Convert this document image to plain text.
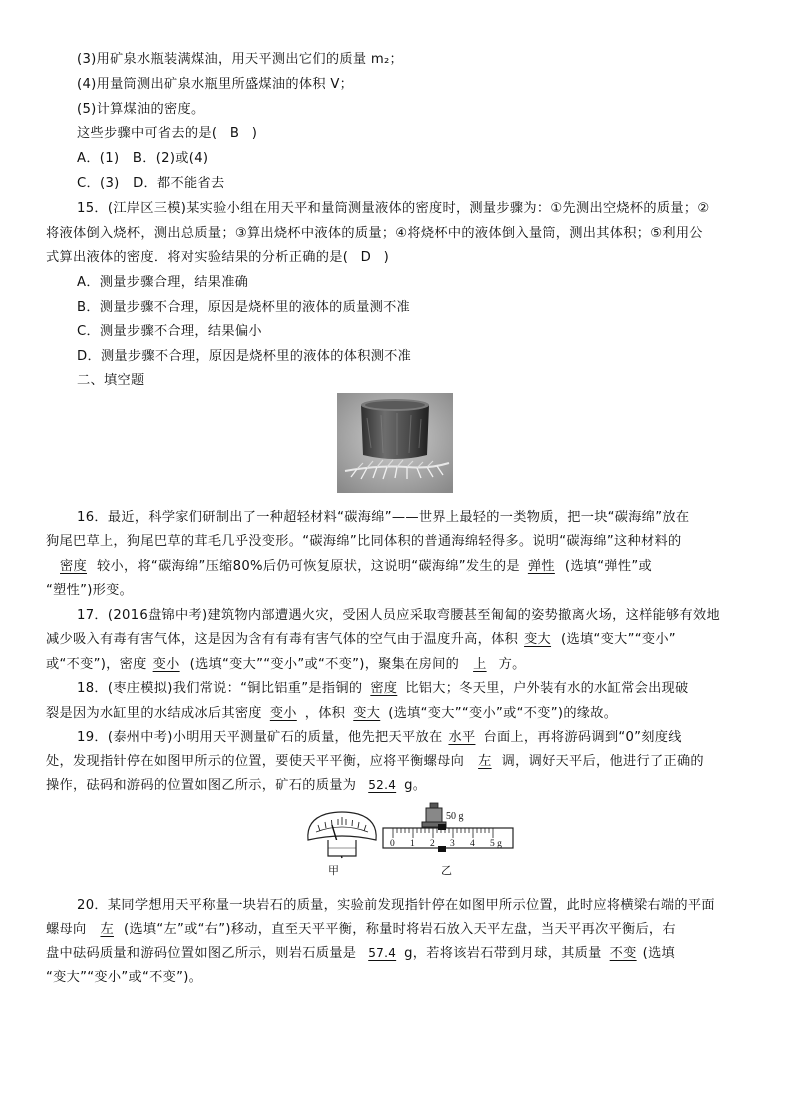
(3)用矿泉水瓶装满煤油，用天平测出它们的质量 m₂；
(4)用量筒测出矿泉水瓶里所盛煤油的体积 V；
(5)计算煤油的密度。
这些步骤中可省去的是( B )
A．(1)　B．(2)或(4)
C．(3)　D．都不能省去
15．(江岸区三模)某实验小组在用天平和量筒测量液体的密度时，测量步骤为：①先测出空烧杯的质量；②
将液体倒入烧杯，测出总质量；③算出烧杯中液体的质量；④将烧杯中的液体倒入量筒，测出其体积；⑤利用公
式算出液体的密度．将对实验结果的分析正确的是( D )
A．测量步骤合理，结果准确
B．测量步骤不合理，原因是烧杯里的液体的质量测不准
C．测量步骤不合理，结果偏小
D．测量步骤不合理，原因是烧杯里的液体的体积测不准
二、填空题
16．最近，科学家们研制出了一种超轻材料“碳海绵”——世界上最轻的一类物质，把一块“碳海绵”放在
狗尾巴草上，狗尾巴草的茸毛几乎没变形。“碳海绵”比同体积的普通海绵轻得多。说明“碳海绵”这种材料的
密度 较小，将“碳海绵”压缩80%后仍可恢复原状，这说明“碳海绵”发生的是 弹性 (选填“弹性”或
“塑性”)形变。
17．(2016盘锦中考)建筑物内部遭遇火灾，受困人员应采取弯腰甚至匍匐的姿势撤离火场，这样能够有效地
减少吸入有毒有害气体，这是因为含有有毒有害气体的空气由于温度升高，体积 变大 (选填“变大”“变小”
或“不变”)，密度 变小 (选填“变大”“变小”或“不变”)，聚集在房间的 上 方。
18．(枣庄模拟)我们常说：“铜比铝重”是指铜的 密度 比铝大；冬天里，户外装有水的水缸常会出现破
裂是因为水缸里的水结成冰后其密度 变小 ，体积 变大 (选填“变大”“变小”或“不变”)的缘故。
19．(泰州中考)小明用天平测量矿石的质量，他先把天平放在 水平 台面上，再将游码调到“0”刻度线
处，发现指针停在如图甲所示的位置，要使天平平衡，应将平衡螺母向 左 调，调好天平后，他进行了正确的
操作，砝码和游码的位置如图乙所示，矿石的质量为 52.4 g。
甲
50 g
0 1 2 3 4 5 g
乙
20．某同学想用天平称量一块岩石的质量，实验前发现指针停在如图甲所示位置，此时应将横梁右端的平面
螺母向 左 (选填“左”或“右”)移动，直至天平平衡，称量时将岩石放入天平左盘，当天平再次平衡后，右
盘中砝码质量和游码位置如图乙所示，则岩石质量是 57.4 g，若将该岩石带到月球，其质量 不变 (选填
“变大”“变小”或“不变”)。
